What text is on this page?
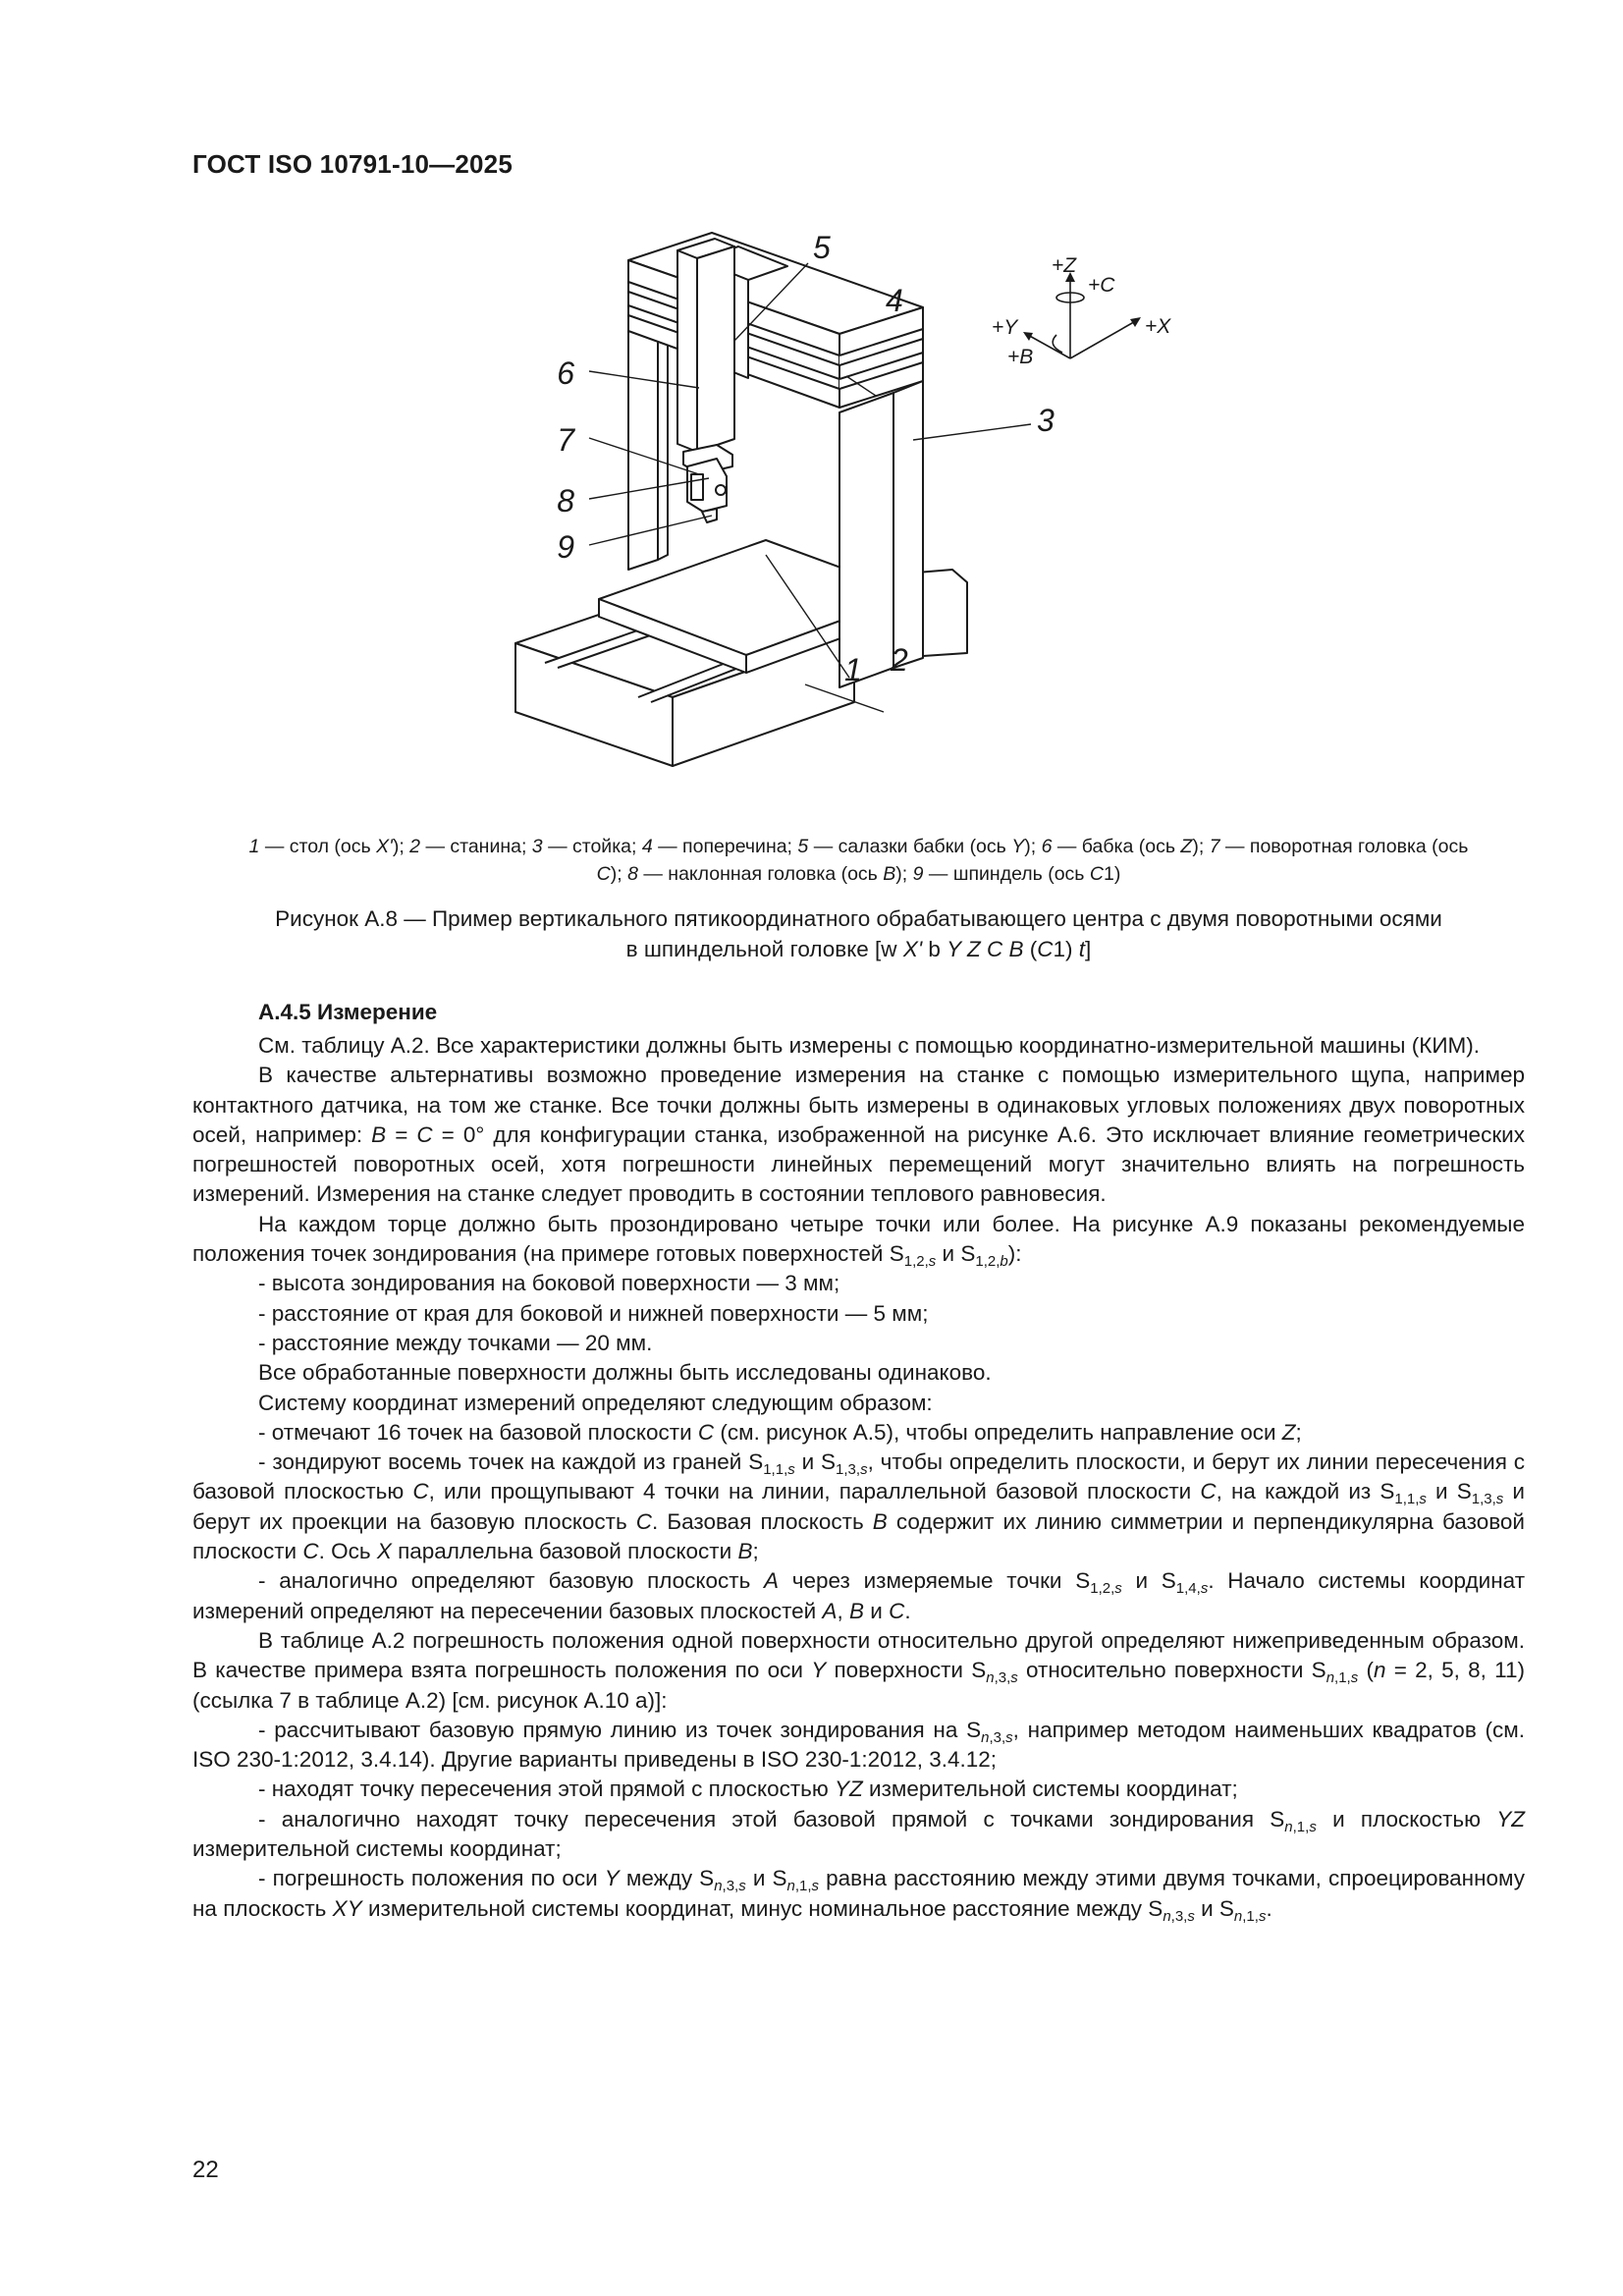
ГОСТ ISO 10791-10—2025
6
7
8
9
5
4
3
1 2
+Z
+C
+Y	+X
+B
1 — стол (ось X'); 2 — станина; 3 — стойка; 4 — поперечина; 5 — салазки бабки (ось Y); 6 — бабка (ось Z); 7 — поворотная головка (ось
C); 8 — наклонная головка (ось B); 9 — шпиндель (ось C1)
Рисунок А.8 — Пример вертикального пятикоординатного обрабатывающего центра с двумя поворотными осями
в шпиндельной головке [w X' b Y Z C B (C1) t]
А.4.5 Измерение

См. таблицу А.2. Все характеристики должны быть измерены с помощью координатно-измерительной машины (КИМ).

В качестве альтернативы возможно проведение измерения на станке с помощью измерительного щупа, например контактного датчика, на том же станке. Все точки должны быть измерены в одинаковых угловых положениях двух поворотных осей, например: B = C = 0° для конфигурации станка, изображенной на рисунке А.6. Это исключает влияние геометрических погрешностей поворотных осей, хотя погрешности линейных перемещений могут значительно влиять на погрешность измерений. Измерения на станке следует проводить в состоянии теплового равновесия.

На каждом торце должно быть прозондировано четыре точки или более. На рисунке А.9 показаны рекомендуемые положения точек зондирования (на примере готовых поверхностей $S_{1,2,s}$ и $S_{1,2,b}$):

- высота зондирования на боковой поверхности — 3 мм;

- расстояние от края для боковой и нижней поверхности — 5 мм;

- расстояние между точками — 20 мм.

Все обработанные поверхности должны быть исследованы одинаково.

Систему координат измерений определяют следующим образом:

- отмечают 16 точек на базовой плоскости C (см. рисунок А.5), чтобы определить направление оси Z;

- зондируют восемь точек на каждой из граней $S_{1,1,s}$ и $S_{1,3,s}$, чтобы определить плоскости, и берут их линии пересечения с базовой плоскостью C, или прощупывают 4 точки на линии, параллельной базовой плоскости C, на каждой из $S_{1,1,s}$ и $S_{1,3,s}$ и берут их проекции на базовую плоскость C. Базовая плоскость B содержит их линию симметрии и перпендикулярна базовой плоскости C. Ось X параллельна базовой плоскости B;

- аналогично определяют базовую плоскость A через измеряемые точки $S_{1,2,s}$ и $S_{1,4,s}$. Начало системы координат измерений определяют на пересечении базовых плоскостей A, B и C.

В таблице А.2 погрешность положения одной поверхности относительно другой определяют нижеприведенным образом. В качестве примера взята погрешность положения по оси Y поверхности $S_{n,3,s}$ относительно поверхности $S_{n,1,s}$ (n = 2, 5, 8, 11) (ссылка 7 в таблице А.2) [см. рисунок А.10 а)]:

- рассчитывают базовую прямую линию из точек зондирования на $S_{n,3,s}$, например методом наименьших квадратов (см. ISO 230-1:2012, 3.4.14). Другие варианты приведены в ISO 230-1:2012, 3.4.12;

- находят точку пересечения этой прямой с плоскостью YZ измерительной системы координат;

- аналогично находят точку пересечения этой базовой прямой с точками зондирования $S_{n,1,s}$ и плоскостью YZ измерительной системы координат;

- погрешность положения по оси Y между $S_{n,3,s}$ и $S_{n,1,s}$ равна расстоянию между этими двумя точками, спроецированному на плоскость XY измерительной системы координат, минус номинальное расстояние между $S_{n,3,s}$ и $S_{n,1,s}$.

22
